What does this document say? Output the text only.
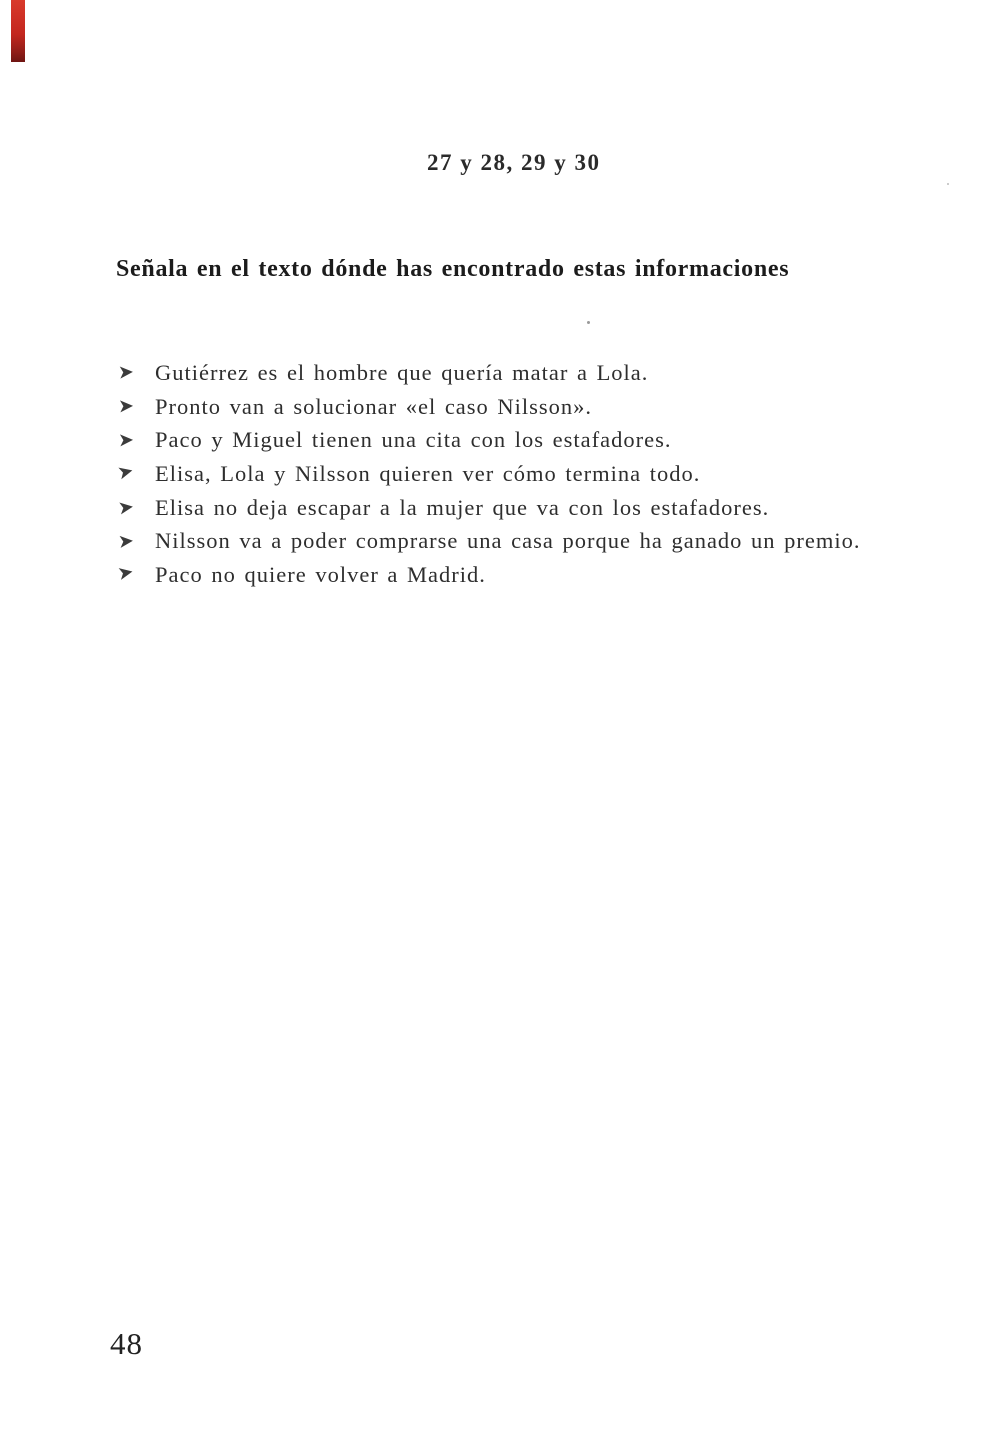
27 y 28, 29 y 30
Señala en el texto dónde has encontrado estas informaciones
➤ Gutiérrez es el hombre que quería matar a Lola.
➤ Pronto van a solucionar «el caso Nilsson».
➤ Paco y Miguel tienen una cita con los estafadores.
➤ Elisa, Lola y Nilsson quieren ver cómo termina todo.
➤ Elisa no deja escapar a la mujer que va con los estafadores.
➤ Nilsson va a poder comprarse una casa porque ha ganado un premio.
➤ Paco no quiere volver a Madrid.
48
